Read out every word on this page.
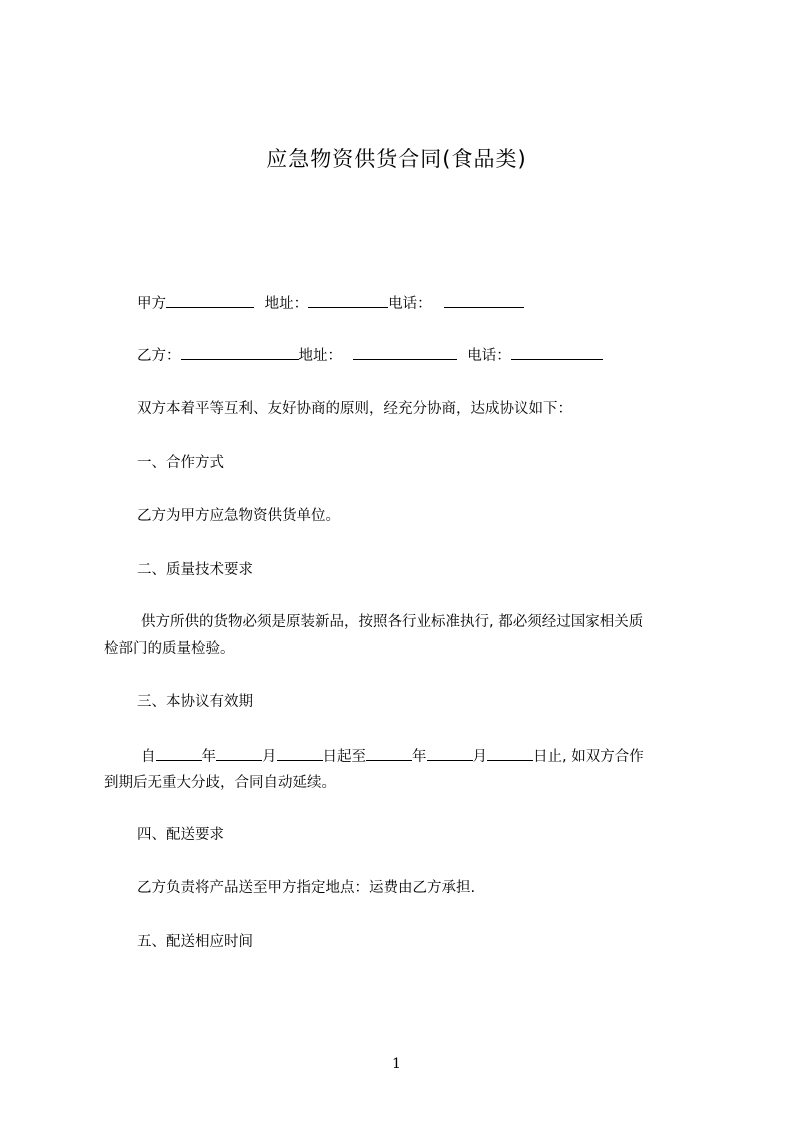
应急物资供货合同(食品类)
甲方	地址：	电话：
乙方：	地址：	电话：
双方本着平等互利、友好协商的原则，经充分协商，达成协议如下：
一、合作方式
乙方为甲方应急物资供货单位。
二、质量技术要求
供方所供的货物必须是原装新品，按照各行业标准执行, 都必须经过国家相关质
检部门的质量检验。
三、本协议有效期
自	年	月	日起至	年	月	日止, 如双方合作
到期后无重大分歧，合同自动延续。
四、配送要求
乙方负责将产品送至甲方指定地点：运费由乙方承担.
五、配送相应时间
1
